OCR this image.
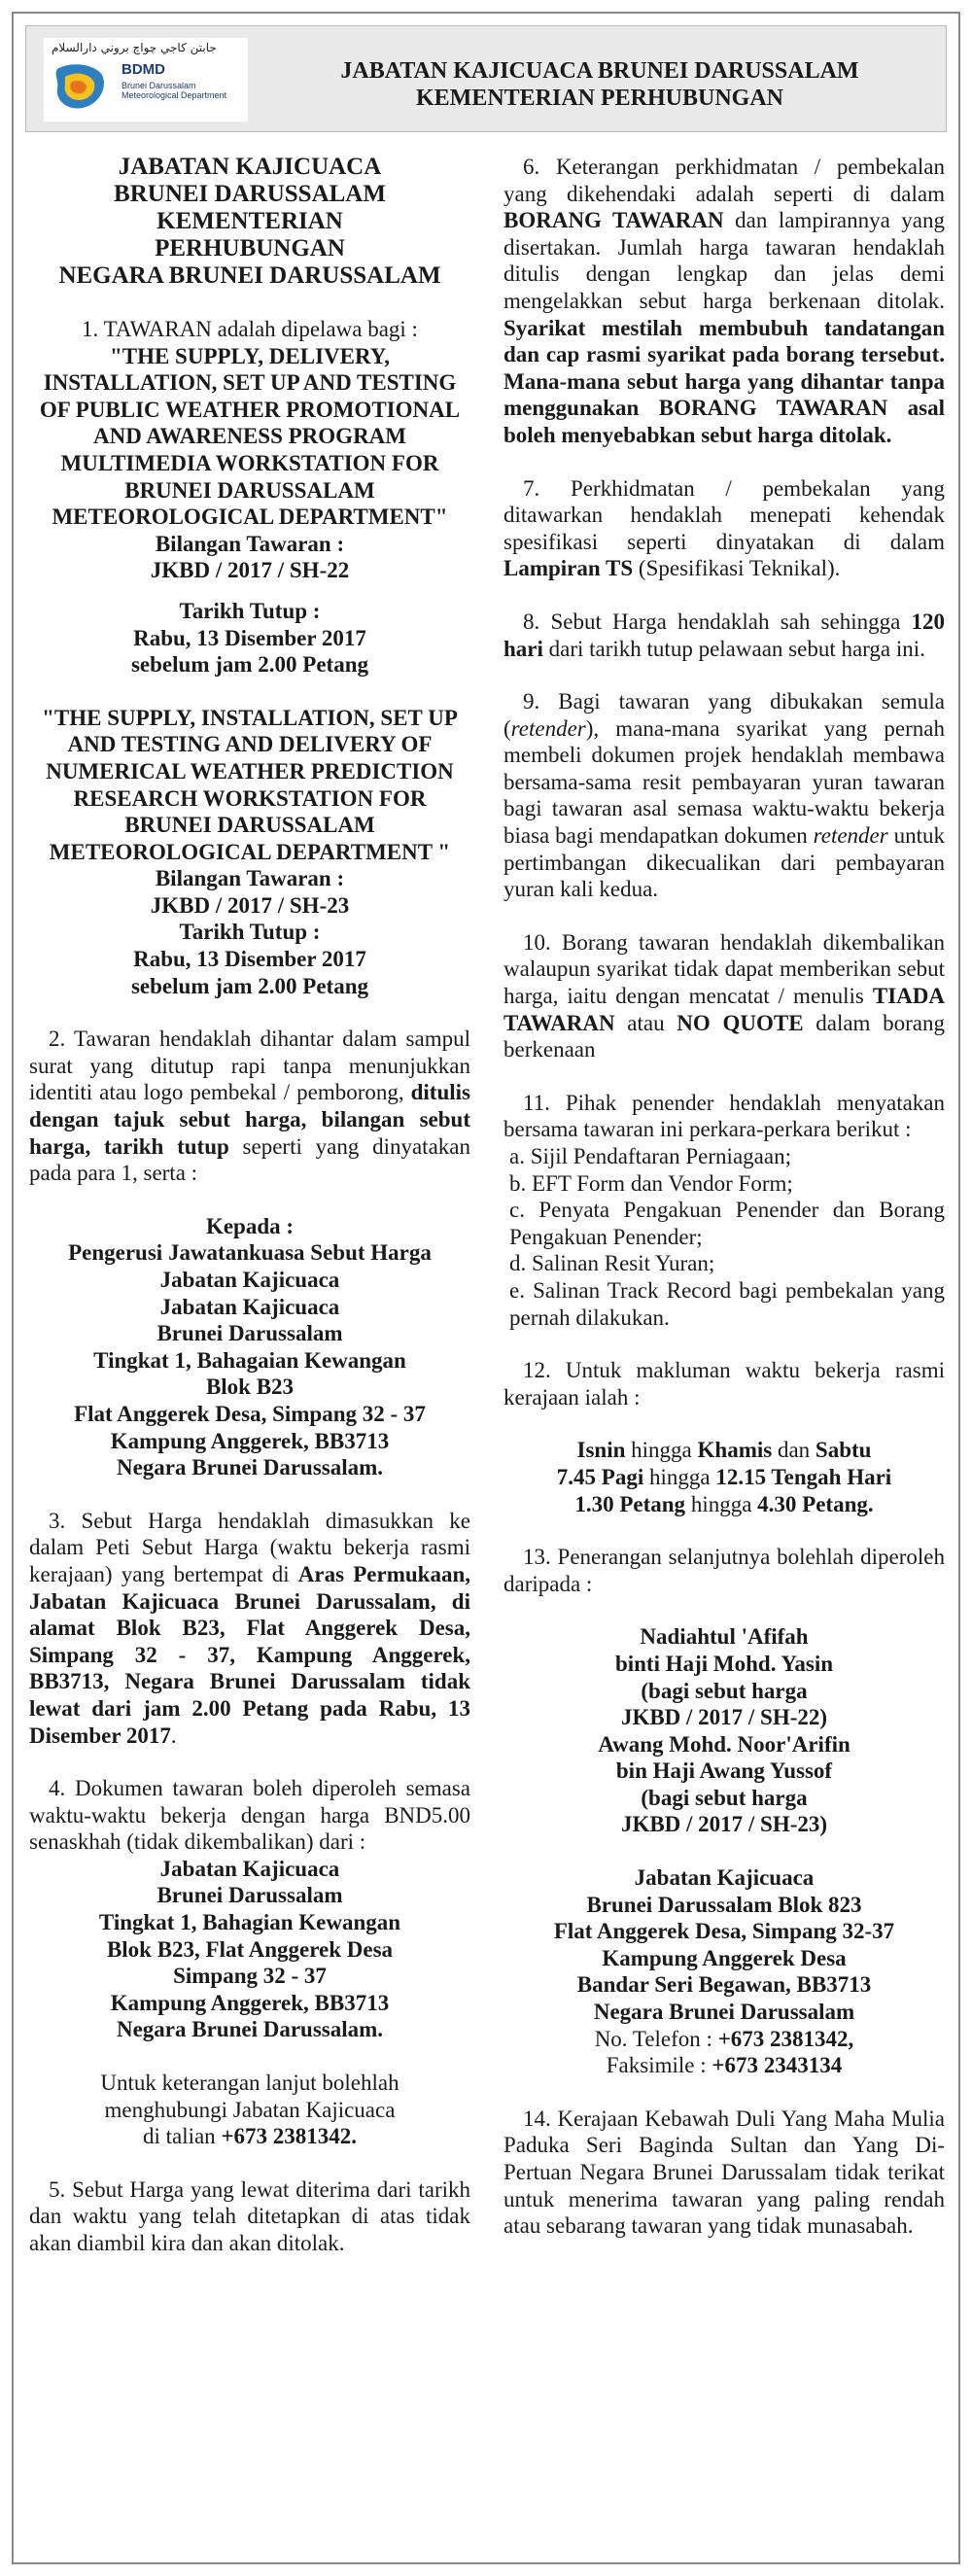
جابتن کاجي چواچ بروني دارالسلام
BDMD
Brunei Darussalam Meteorological Department
JABATAN KAJICUACA BRUNEI DARUSSALAM
KEMENTERIAN PERHUBUNGAN
JABATAN KAJICUACA
BRUNEI DARUSSALAM
KEMENTERIAN
PERHUBUNGAN
NEGARA BRUNEI DARUSSALAM

1. TAWARAN adalah dipelawa bagi :

"THE SUPPLY, DELIVERY, INSTALLATION, SET UP AND TESTING OF PUBLIC WEATHER PROMOTIONAL AND AWARENESS PROGRAM MULTIMEDIA WORKSTATION FOR BRUNEI DARUSSALAM METEOROLOGICAL DEPARTMENT"

Bilangan Tawaran :

JKBD / 2017 / SH-22

Tarikh Tutup :

Rabu, 13 Disember 2017

sebelum jam 2.00 Petang

"THE SUPPLY, INSTALLATION, SET UP AND TESTING AND DELIVERY OF NUMERICAL WEATHER PREDICTION RESEARCH WORKSTATION FOR BRUNEI DARUSSALAM METEOROLOGICAL DEPARTMENT "

Bilangan Tawaran :

JKBD / 2017 / SH-23

Tarikh Tutup :

Rabu, 13 Disember 2017

sebelum jam 2.00 Petang

2. Tawaran hendaklah dihantar dalam sampul surat yang ditutup rapi tanpa menunjukkan identiti atau logo pembekal / pemborong, ditulis dengan tajuk sebut harga, bilangan sebut harga, tarikh tutup seperti yang dinyatakan pada para 1, serta :

Kepada :
Pengerusi Jawatankuasa Sebut Harga
Jabatan Kajicuaca
Jabatan Kajicuaca
Brunei Darussalam
Tingkat 1, Bahagaian Kewangan
Blok B23
Flat Anggerek Desa, Simpang 32 - 37
Kampung Anggerek, BB3713
Negara Brunei Darussalam.

3. Sebut Harga hendaklah dimasukkan ke dalam Peti Sebut Harga (waktu bekerja rasmi kerajaan) yang bertempat di Aras Permukaan, Jabatan Kajicuaca Brunei Darussalam, di alamat Blok B23, Flat Anggerek Desa, Simpang 32 - 37, Kampung Anggerek, BB3713, Negara Brunei Darussalam tidak lewat dari jam 2.00 Petang pada Rabu, 13 Disember 2017.

4. Dokumen tawaran boleh diperoleh semasa waktu-waktu bekerja dengan harga BND5.00 senaskhah (tidak dikembalikan) dari :

Jabatan Kajicuaca
Brunei Darussalam
Tingkat 1, Bahagian Kewangan
Blok B23, Flat Anggerek Desa
Simpang 32 - 37
Kampung Anggerek, BB3713
Negara Brunei Darussalam.

Untuk keterangan lanjut bolehlah

menghubungi Jabatan Kajicuaca

di talian +673 2381342.

5. Sebut Harga yang lewat diterima dari tarikh dan waktu yang telah ditetapkan di atas tidak akan diambil kira dan akan ditolak.

6. Keterangan perkhidmatan / pembekalan yang dikehendaki adalah seperti di dalam BORANG TAWARAN dan lampirannya yang disertakan. Jumlah harga tawaran hendaklah ditulis dengan lengkap dan jelas demi mengelakkan sebut harga berkenaan ditolak. Syarikat mestilah membubuh tandatangan dan cap rasmi syarikat pada borang tersebut. Mana-mana sebut harga yang dihantar tanpa menggunakan BORANG TAWARAN asal boleh menyebabkan sebut harga ditolak.

7. Perkhidmatan / pembekalan yang ditawarkan hendaklah menepati kehendak spesifikasi seperti dinyatakan di dalam Lampiran TS (Spesifikasi Teknikal).

8. Sebut Harga hendaklah sah sehingga 120 hari dari tarikh tutup pelawaan sebut harga ini.

9. Bagi tawaran yang dibukakan semula (retender), mana-mana syarikat yang pernah membeli dokumen projek hendaklah membawa bersama-sama resit pembayaran yuran tawaran bagi tawaran asal semasa waktu-waktu bekerja biasa bagi mendapatkan dokumen retender untuk pertimbangan dikecualikan dari pembayaran yuran kali kedua.

10. Borang tawaran hendaklah dikembalikan walaupun syarikat tidak dapat memberikan sebut harga, iaitu dengan mencatat / menulis TIADA TAWARAN atau NO QUOTE dalam borang berkenaan

11. Pihak penender hendaklah menyatakan bersama tawaran ini perkara-perkara berikut :

a. Sijil Pendaftaran Perniagaan;

b. EFT Form dan Vendor Form;

c. Penyata Pengakuan Penender dan Borang Pengakuan Penender;

d. Salinan Resit Yuran;

e. Salinan Track Record bagi pembekalan yang pernah dilakukan.

12. Untuk makluman waktu bekerja rasmi kerajaan ialah :

Isnin hingga Khamis dan Sabtu

7.45 Pagi hingga 12.15 Tengah Hari

1.30 Petang hingga 4.30 Petang.

13. Penerangan selanjutnya bolehlah diperoleh daripada :

Nadiahtul 'Afifah
binti Haji Mohd. Yasin
(bagi sebut harga
JKBD / 2017 / SH-22)
Awang Mohd. Noor'Arifin
bin Haji Awang Yussof
(bagi sebut harga
JKBD / 2017 / SH-23)
Jabatan Kajicuaca
Brunei Darussalam Blok 823
Flat Anggerek Desa, Simpang 32-37
Kampung Anggerek Desa
Bandar Seri Begawan, BB3713
Negara Brunei Darussalam

No. Telefon : +673 2381342,

Faksimile : +673 2343134

14. Kerajaan Kebawah Duli Yang Maha Mulia Paduka Seri Baginda Sultan dan Yang Di-Pertuan Negara Brunei Darussalam tidak terikat untuk menerima tawaran yang paling rendah atau sebarang tawaran yang tidak munasabah.
